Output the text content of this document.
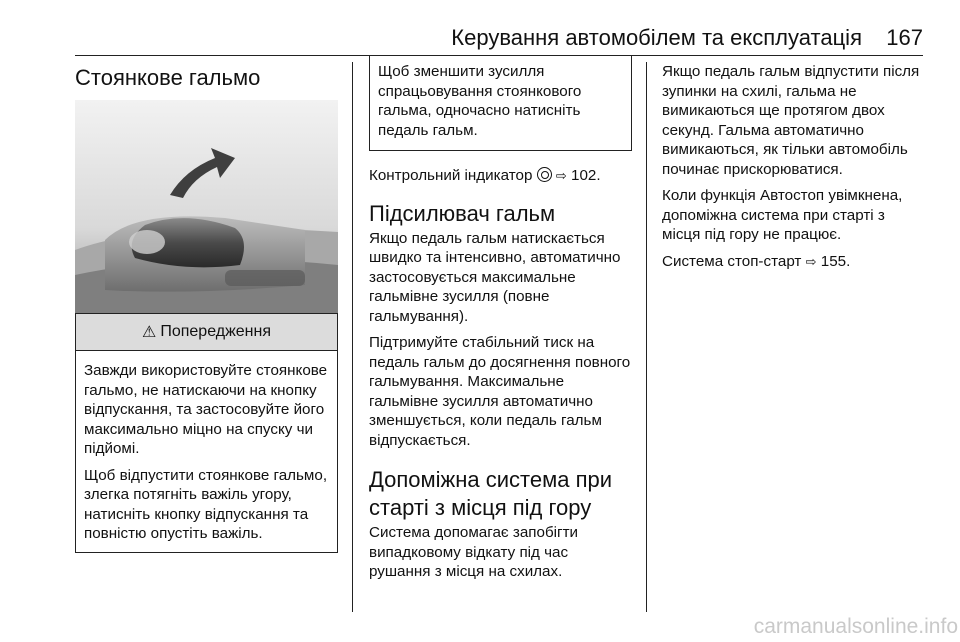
Керування автомобілем та експлуатація 167
Стоянкове гальмо
⚠ Попередження

Завжди використовуйте стоянкове гальмо, не натискаючи на кнопку відпускання, та застосовуйте його максимально міцно на спуску чи підйомі.

Щоб відпустити стоянкове гальмо, злегка потягніть важіль угору, натисніть кнопку відпускання та повністю опустіть важіль.

Щоб зменшити зусилля спрацьовування стоянкового гальма, одночасно натисніть педаль гальм.

Контрольний індикатор  ⇨ 102.

Підсилювач гальм

Якщо педаль гальм натискається швидко та інтенсивно, автоматично застосовується максимальне гальмівне зусилля (повне гальмування).

Підтримуйте стабільний тиск на педаль гальм до досягнення повного гальмування. Максимальне гальмівне зусилля автоматично зменшується, коли педаль гальм відпускається.

Допоміжна система при старті з місця під гору

Система допомагає запобігти випадковому відкату під час рушання з місця на схилах.

Якщо педаль гальм відпустити після зупинки на схилі, гальма не вимикаються ще протягом двох секунд. Гальма автоматично вимикаються, як тільки автомобіль починає прискорюватися.

Коли функція Автостоп увімкнена, допоміжна система при старті з місця під гору не працює.

Система стоп-старт ⇨ 155.

carmanualsonline.info
